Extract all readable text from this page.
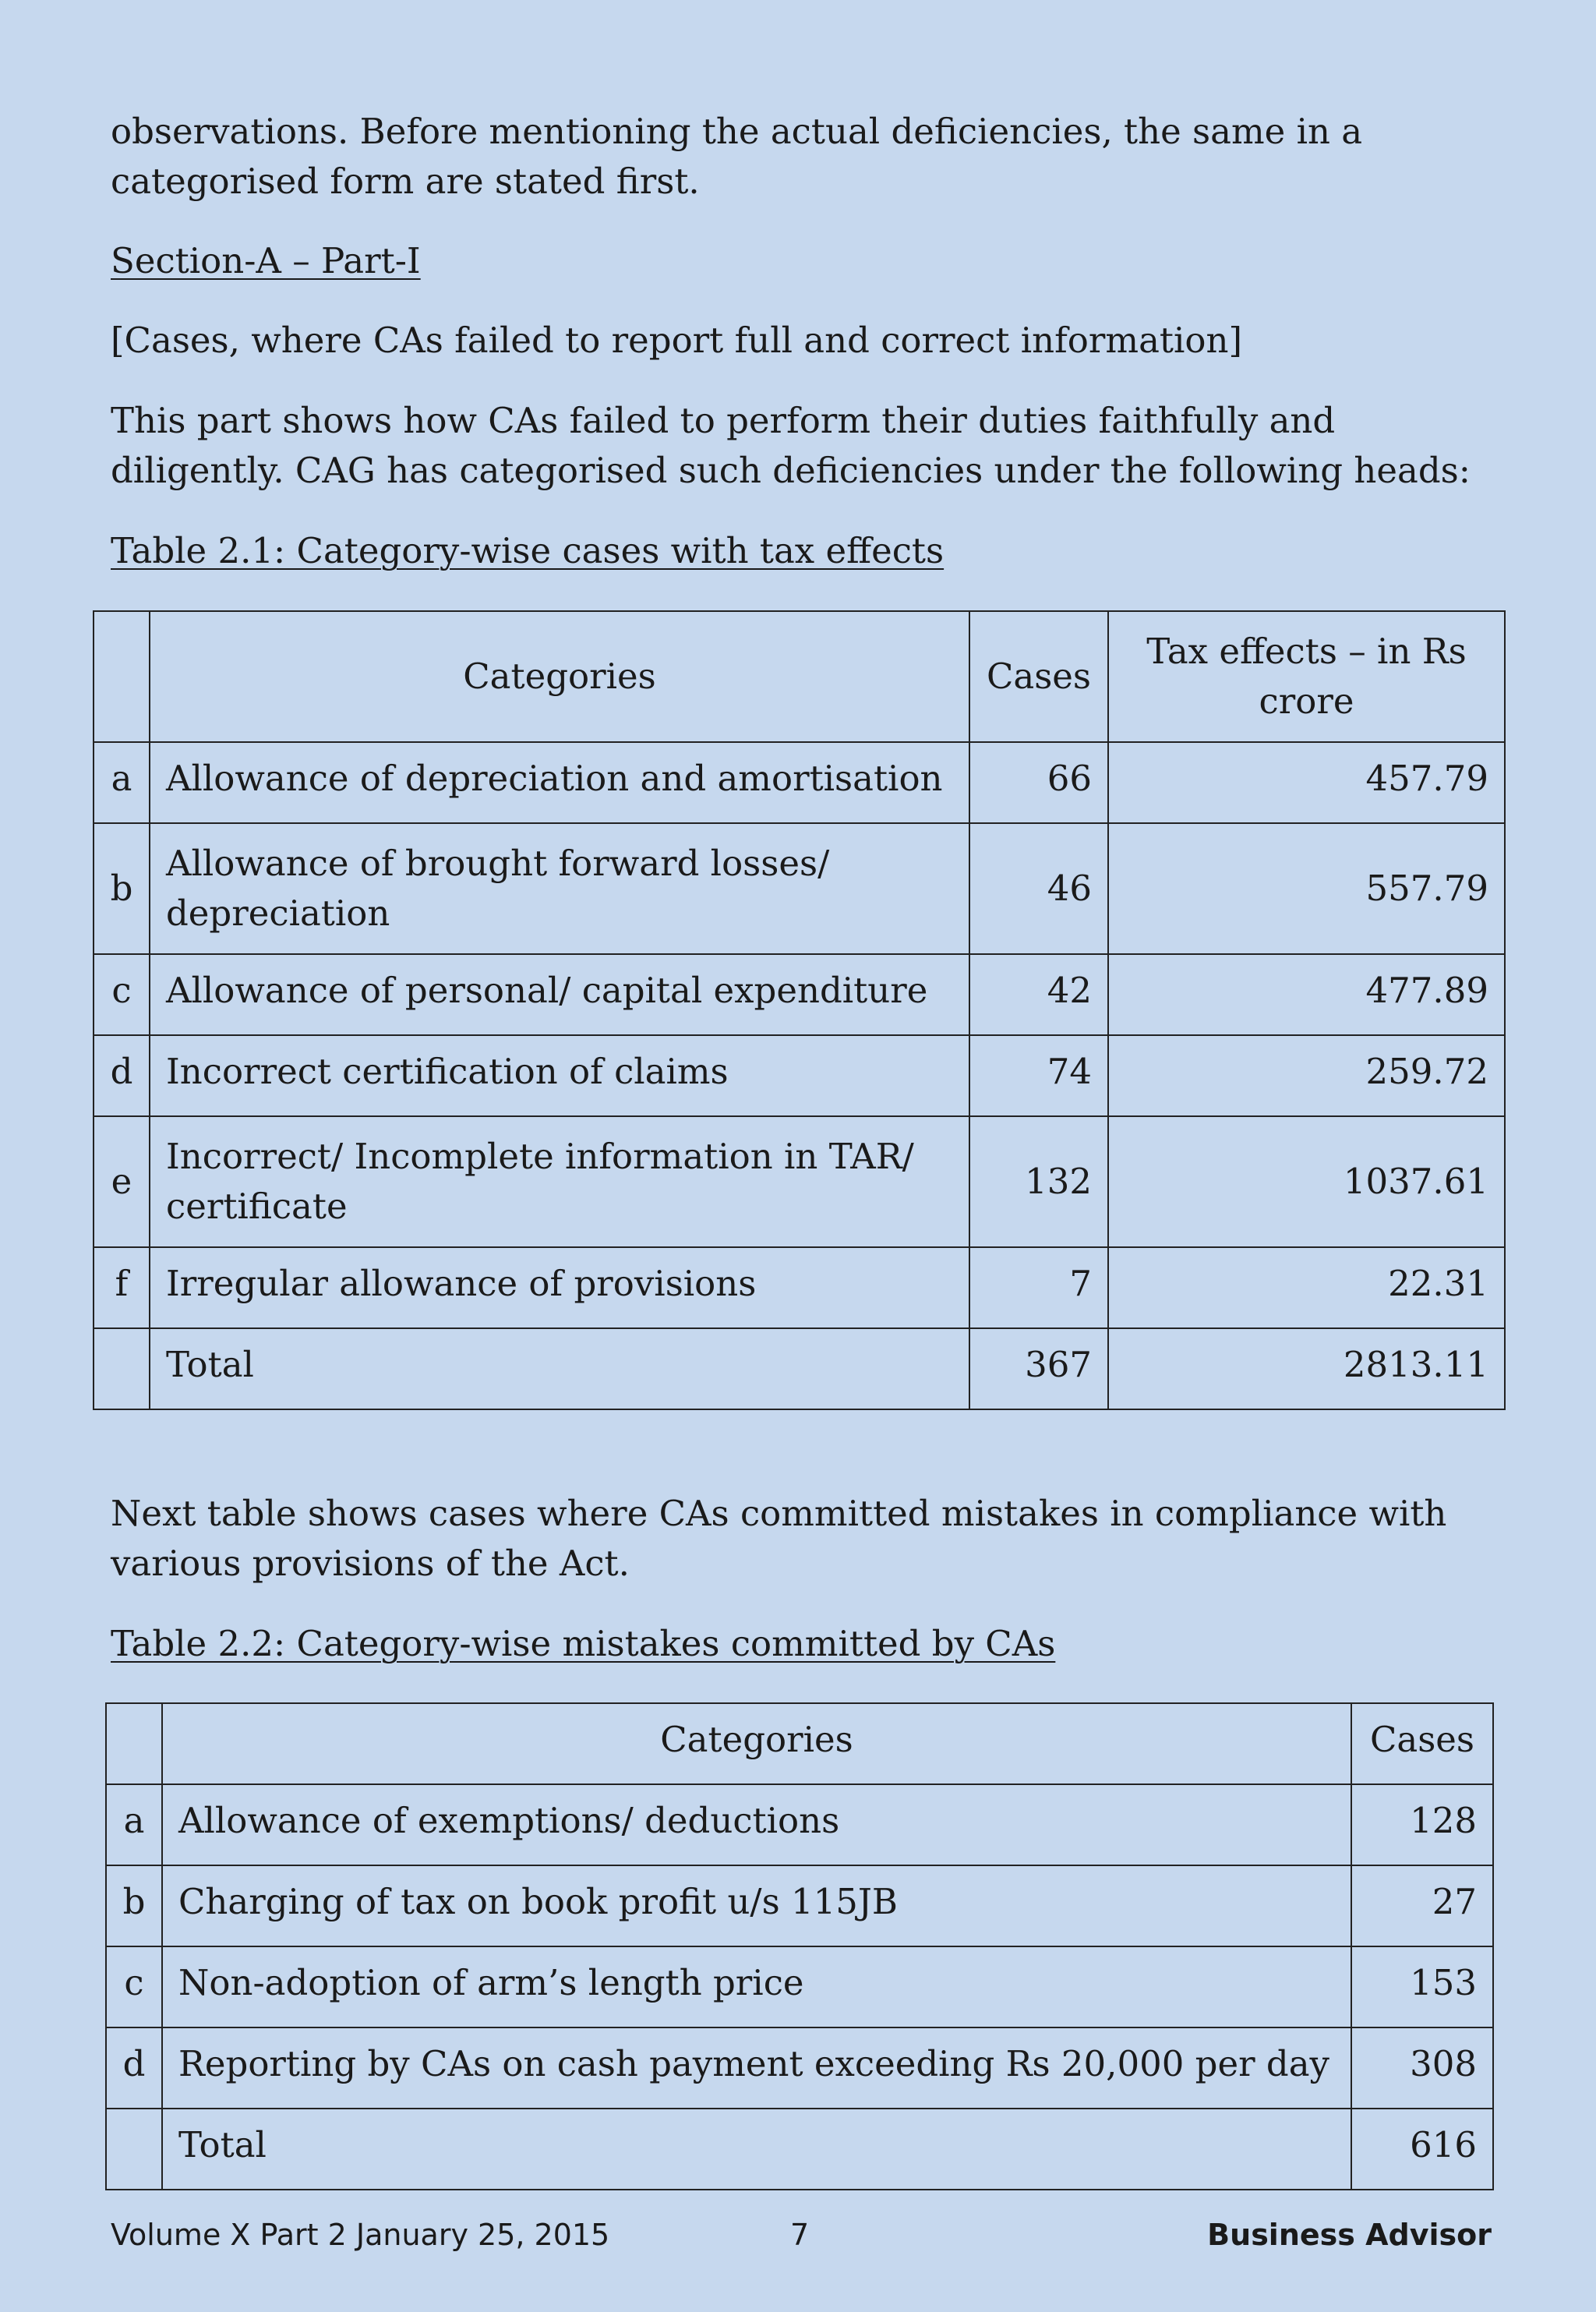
observations. Before mentioning the actual deficiencies, the same in a categorised form are stated first.

Section-A – Part-I

[Cases, where CAs failed to report full and correct information]

This part shows how CAs failed to perform their duties faithfully and diligently. CAG has categorised such deficiencies under the following heads:

Table 2.1: Category-wise cases with tax effects

	Categories	Cases	Tax effects – in Rs crore
a	Allowance of depreciation and amortisation	66	457.79
b	Allowance of brought forward losses/ depreciation	46	557.79
c	Allowance of personal/ capital expenditure	42	477.89
d	Incorrect certification of claims	74	259.72
e	Incorrect/ Incomplete information in TAR/ certificate	132	1037.61
f	Irregular allowance of provisions	7	22.31
	Total	367	2813.11

Next table shows cases where CAs committed mistakes in compliance with various provisions of the Act.

Table 2.2: Category-wise mistakes committed by CAs

	Categories	Cases
a	Allowance of exemptions/ deductions	128
b	Charging of tax on book profit u/s 115JB	27
c	Non-adoption of arm’s length price	153
d	Reporting by CAs on cash payment exceeding Rs 20,000 per day	308
	Total	616
Volume X Part 2 January 25, 2015	7	Business Advisor
